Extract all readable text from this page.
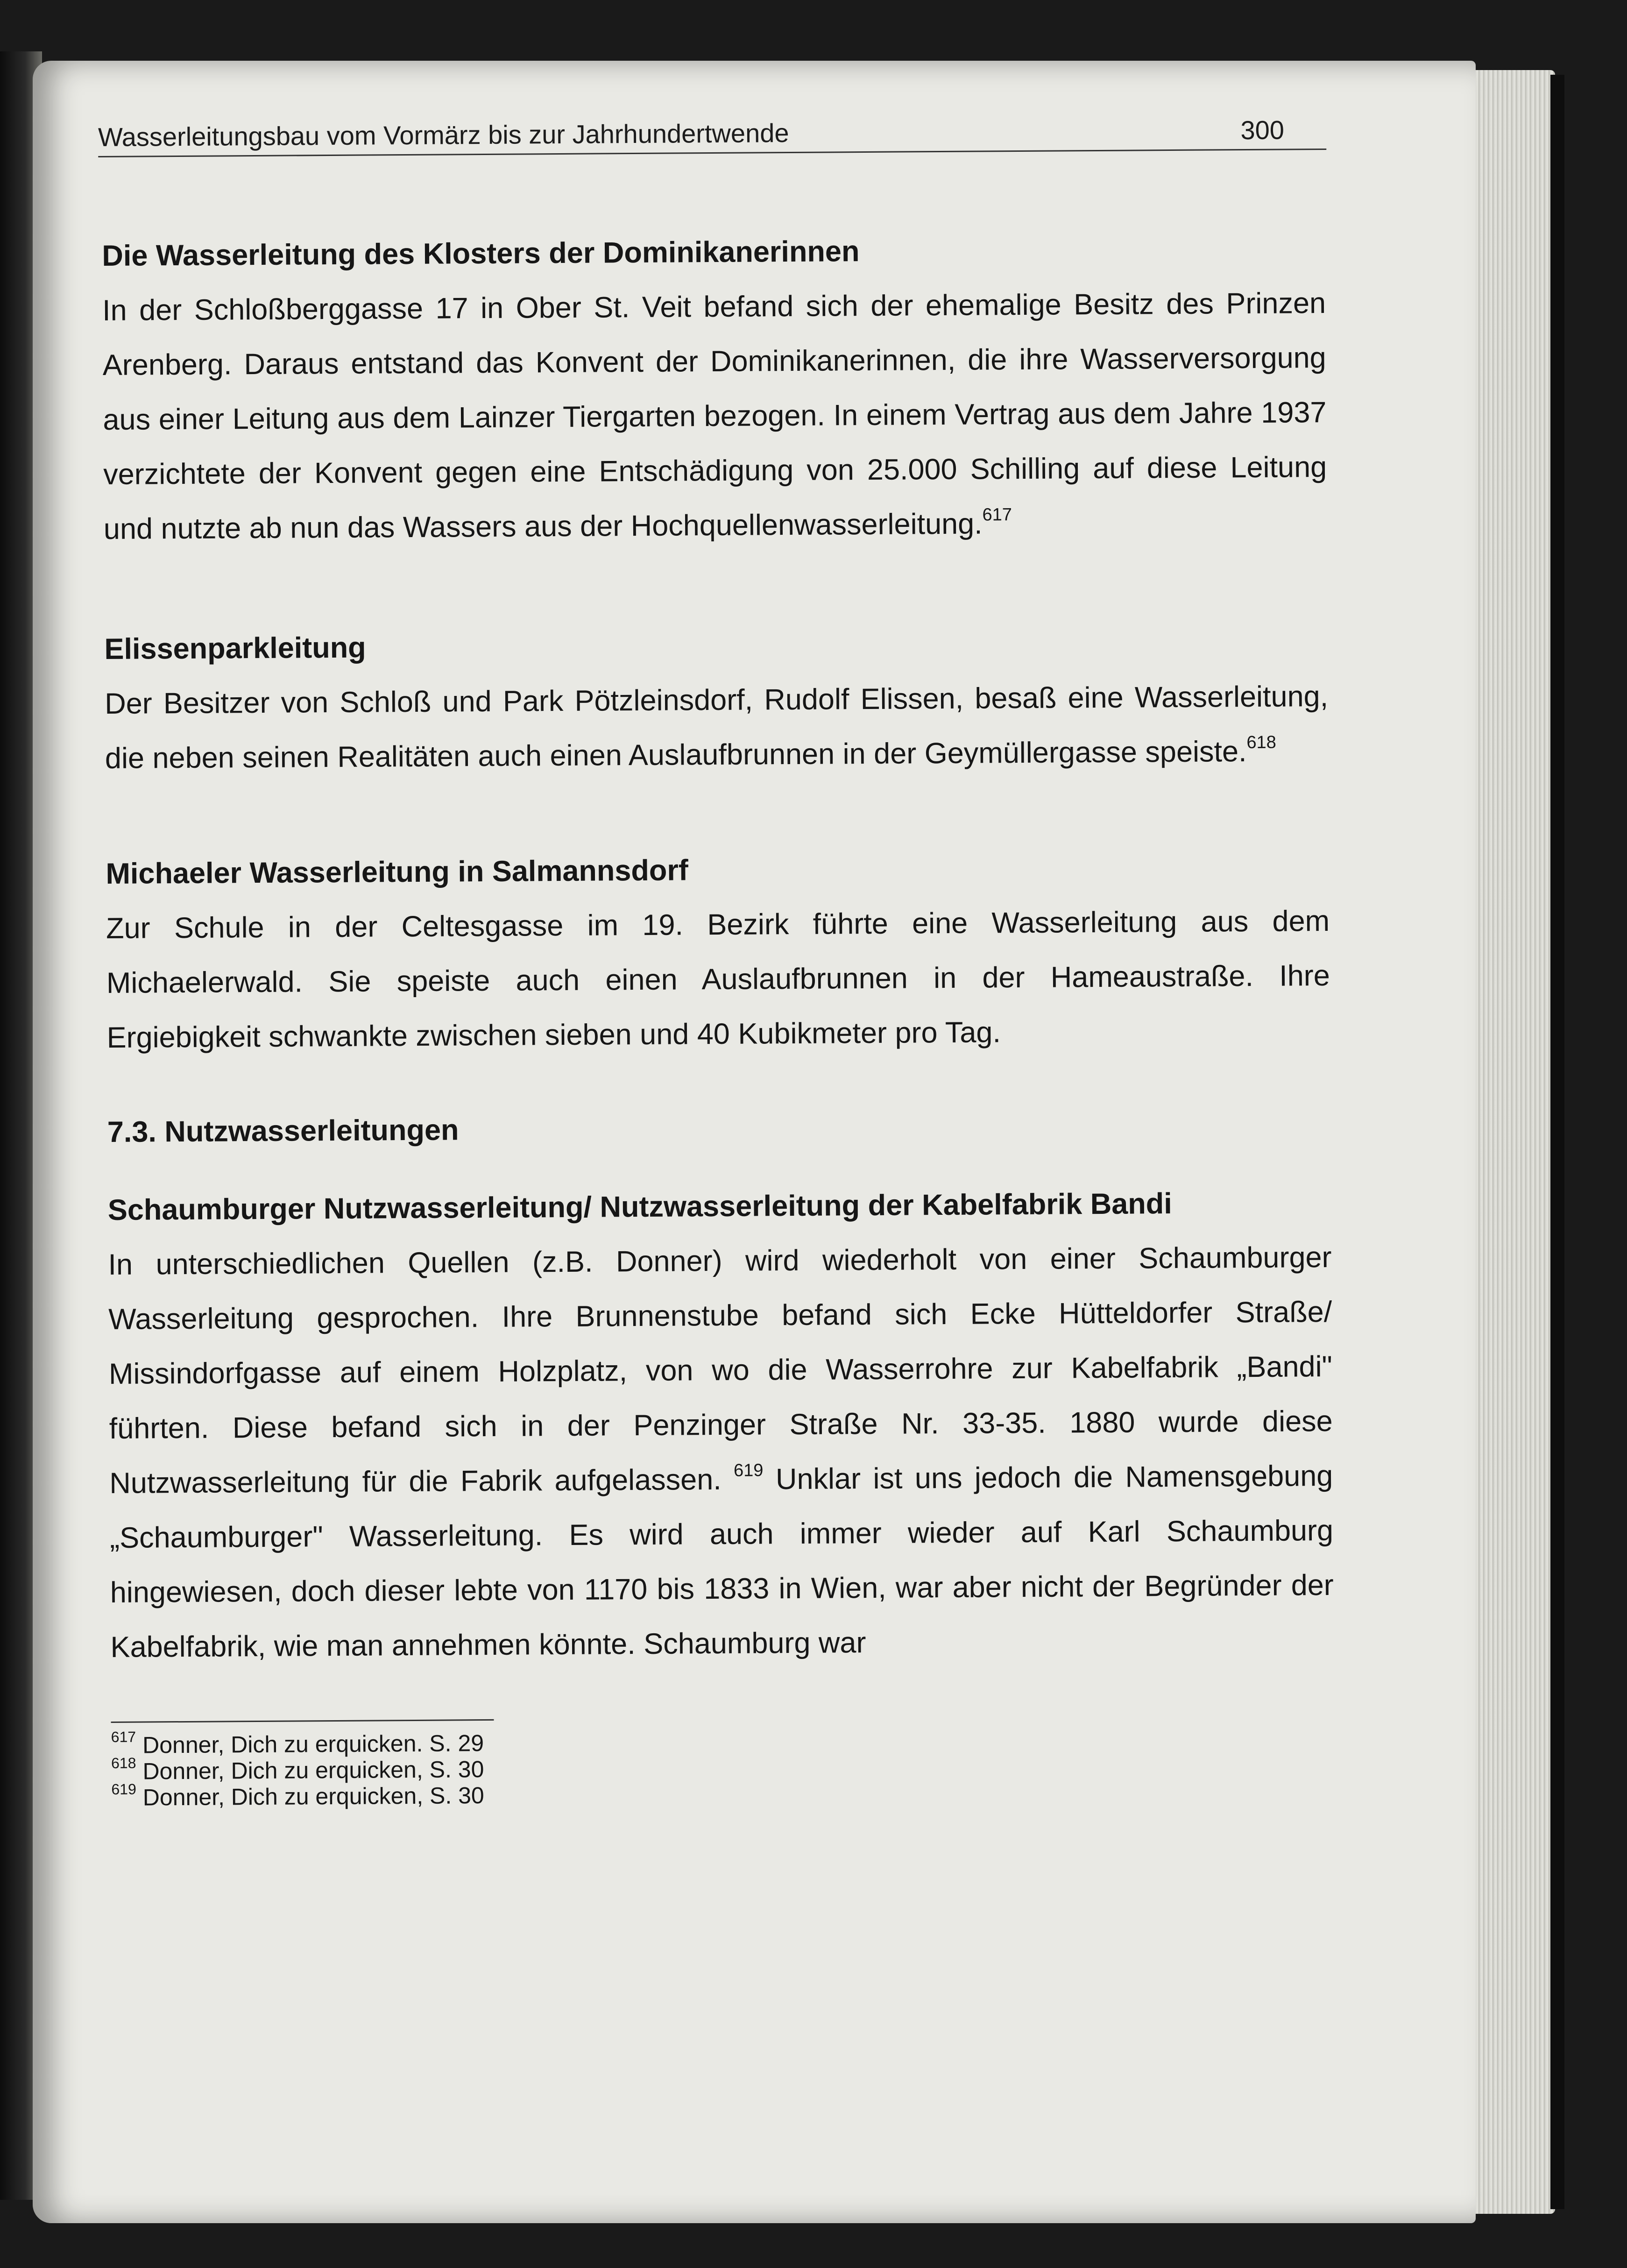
Wasserleitungsbau vom Vormärz bis zur Jahrhundertwende	300
Die Wasserleitung des Klosters der Dominikanerinnen

In der Schloßberggasse 17 in Ober St. Veit befand sich der ehemalige Besitz des Prinzen Arenberg. Daraus entstand das Konvent der Dominikanerinnen, die ihre Wasserversorgung aus einer Leitung aus dem Lainzer Tiergarten bezogen. In einem Vertrag aus dem Jahre 1937 verzichtete der Konvent gegen eine Entschädigung von 25.000 Schilling auf diese Leitung und nutzte ab nun das Wassers aus der Hochquellenwasserleitung.$^{617}$

Elissenparkleitung

Der Besitzer von Schloß und Park Pötzleinsdorf, Rudolf Elissen, besaß eine Wasserleitung, die neben seinen Realitäten auch einen Auslaufbrunnen in der Geymüllergasse speiste.$^{618}$

Michaeler Wasserleitung in Salmannsdorf

Zur Schule in der Celtesgasse im 19. Bezirk führte eine Wasserleitung aus dem Michaelerwald. Sie speiste auch einen Auslaufbrunnen in der Hameaustraße. Ihre Ergiebigkeit schwankte zwischen sieben und 40 Kubikmeter pro Tag.

7.3. Nutzwasserleitungen
Schaumburger Nutzwasserleitung/ Nutzwasserleitung der Kabelfabrik Bandi

In unterschiedlichen Quellen (z.B. Donner) wird wiederholt von einer Schaumburger Wasserleitung gesprochen. Ihre Brunnenstube befand sich Ecke Hütteldorfer Straße/ Missindorfgasse auf einem Holzplatz, von wo die Wasserrohre zur Kabelfabrik „Bandi" führten. Diese befand sich in der Penzinger Straße Nr. 33-35. 1880 wurde diese Nutzwasserleitung für die Fabrik aufgelassen. $^{619}$ Unklar ist uns jedoch die Namensgebung „Schaumburger" Wasserleitung. Es wird auch immer wieder auf Karl Schaumburg hingewiesen, doch dieser lebte von 1170 bis 1833 in Wien, war aber nicht der Begründer der Kabelfabrik, wie man annehmen könnte. Schaumburg war

$^{617}$ Donner, Dich zu erquicken. S. 29
$^{618}$ Donner, Dich zu erquicken, S. 30
$^{619}$ Donner, Dich zu erquicken, S. 30
